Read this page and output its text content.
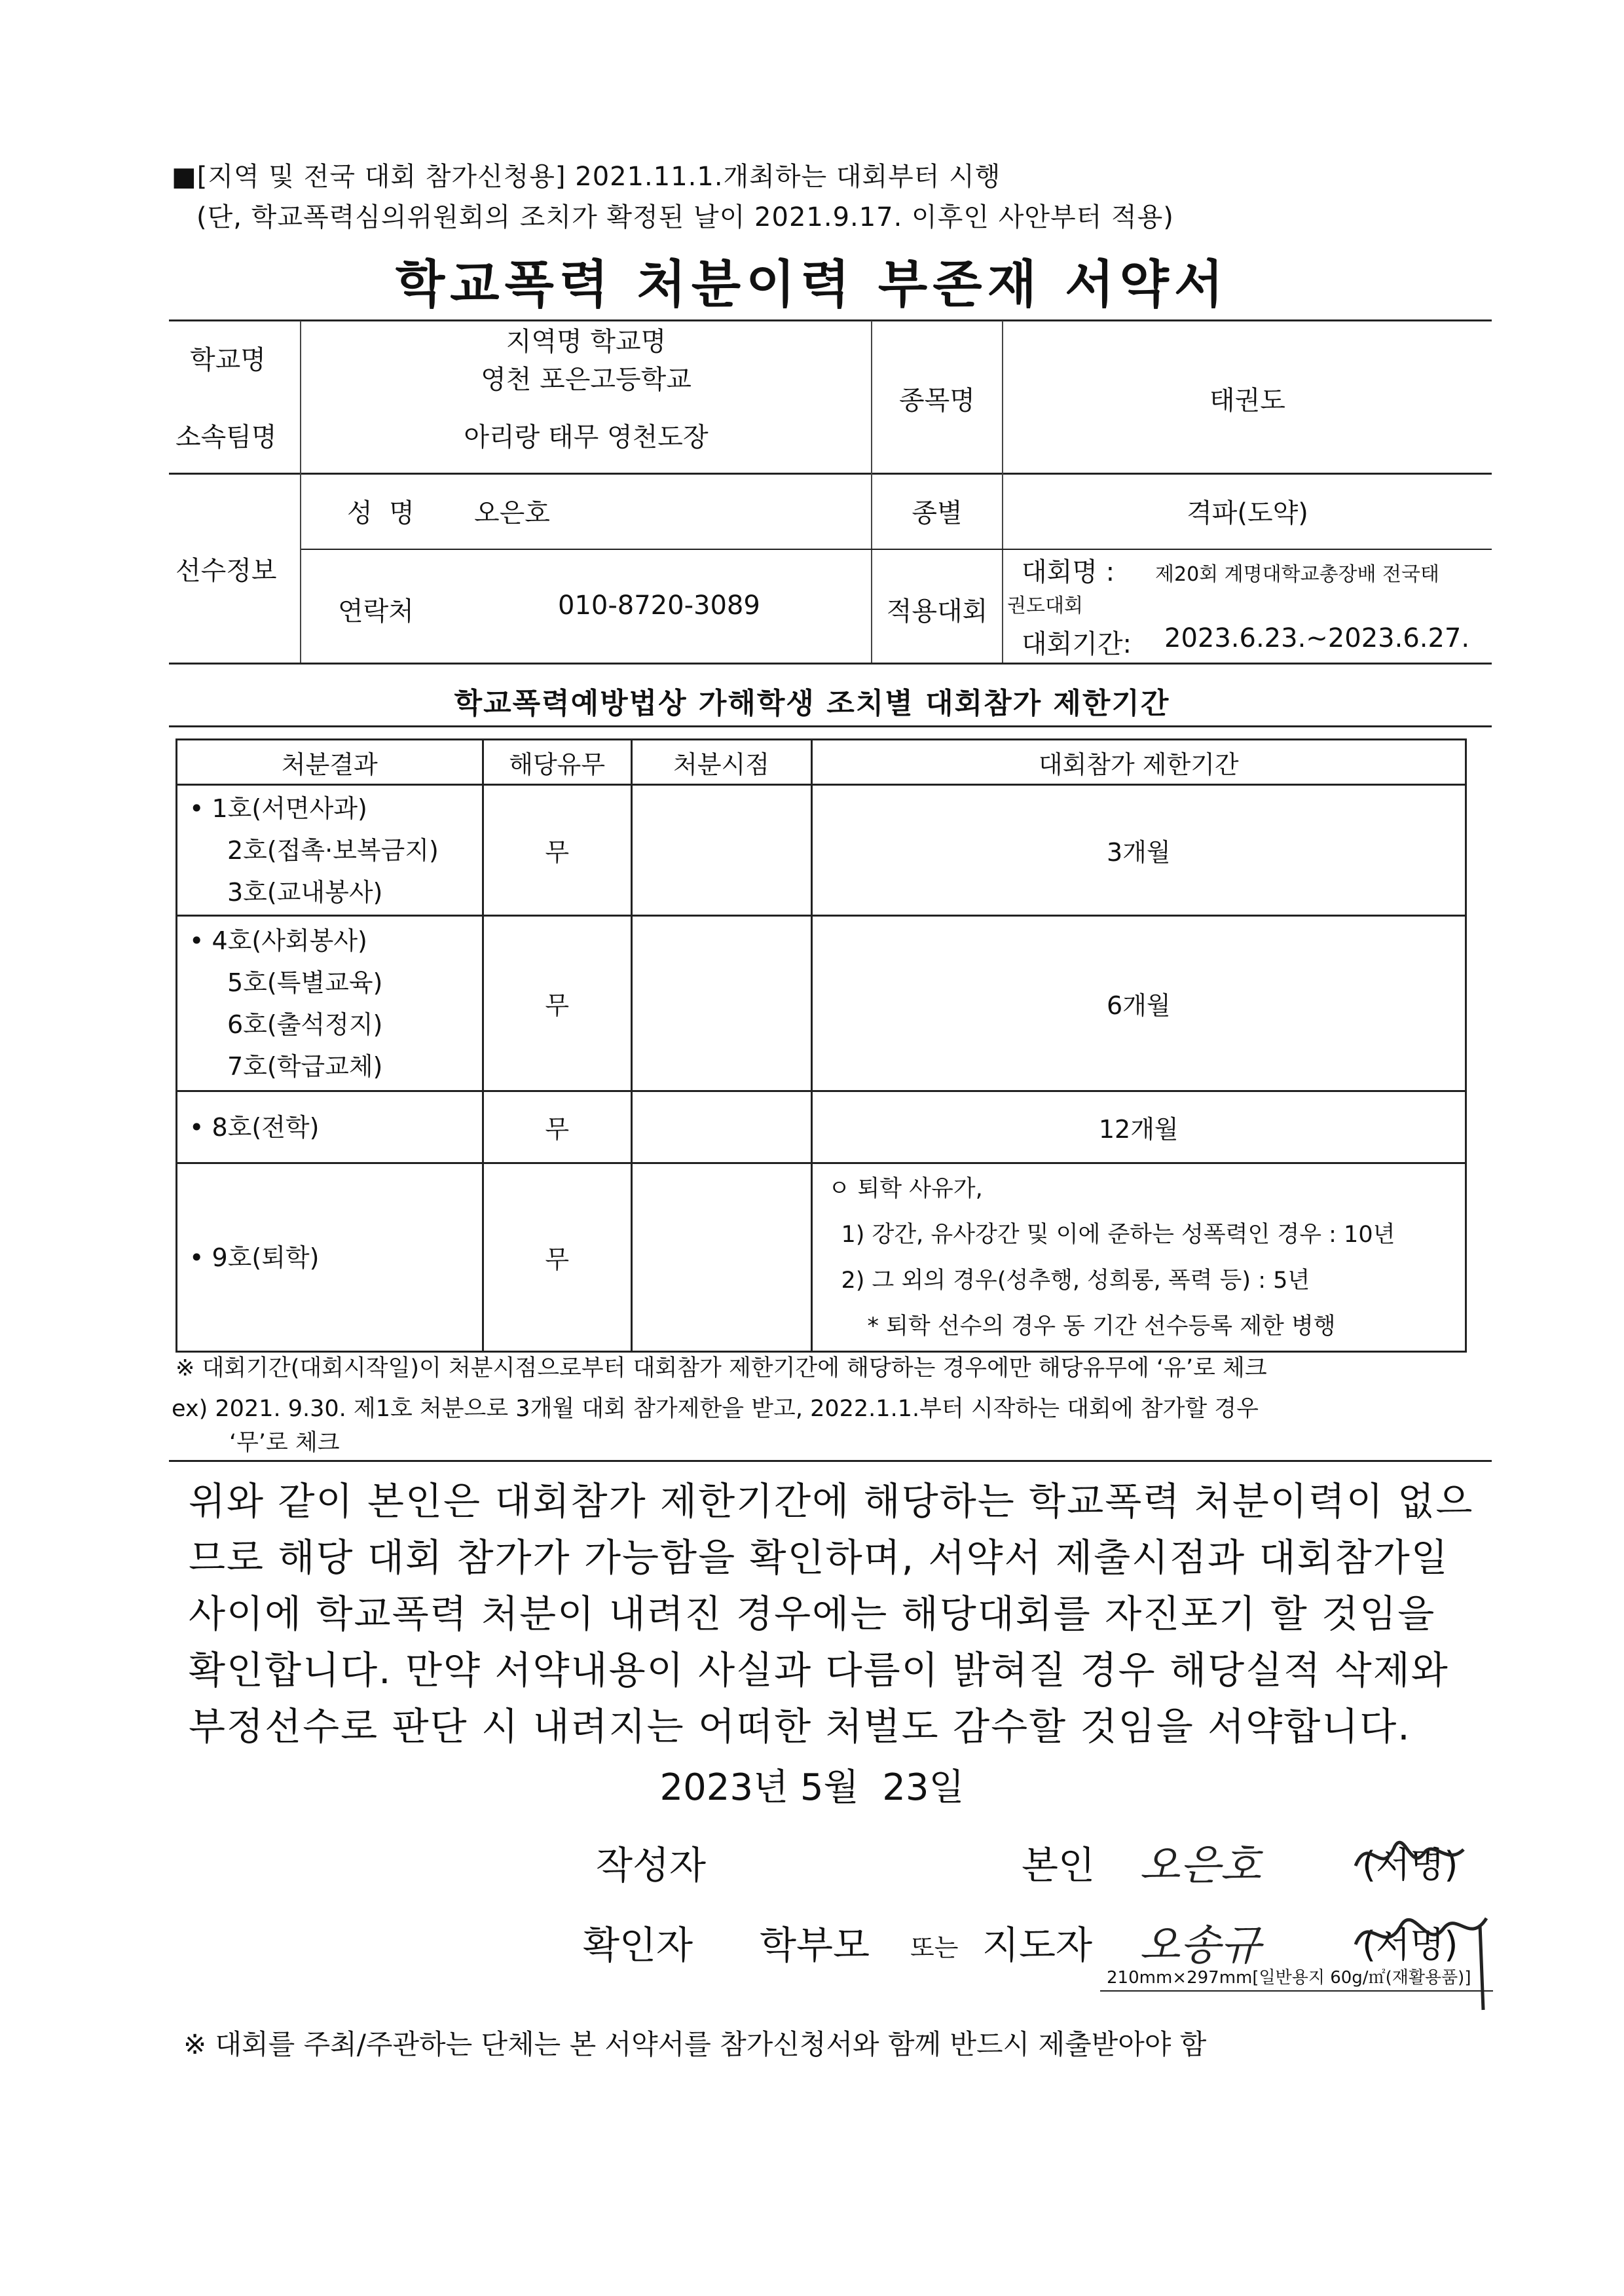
■[지역 및 전국 대회 참가신청용] 2021.11.1.개최하는 대회부터 시행
(단, 학교폭력심의위원회의 조치가 확정된 날이 2021.9.17. 이후인 사안부터 적용)
학교폭력 처분이력 부존재 서약서
학교명
지역명 학교명
영천 포은고등학교
소속팀명	아리랑 태무 영천도장
종목명	태권도
선수정보
성  명 오은호	종별	격파(도약)
연락처	010-8720-3089	적용대회
대회명 : 제20회 계명대학교총장배 전국태
권도대회
대회기간: 2023.6.23.~2023.6.27.
학교폭력예방법상 가해학생 조치별 대회참가 제한기간
처분결과	해당유무	처분시점	대회참가 제한기간

• 1호(서면사과)
2호(접촉·보복금지)
3호(교내봉사)	무		3개월

• 4호(사회봉사)
5호(특별교육)
6호(출석정지)
7호(학급교체)	무		6개월

• 8호(전학)	무		12개월

• 9호(퇴학)	무		ㅇ 퇴학 사유가,
1) 강간, 유사강간 및 이에 준하는 성폭력인 경우 : 10년
2) 그 외의 경우(성추행, 성희롱, 폭력 등) : 5년
* 퇴학 선수의 경우 동 기간 선수등록 제한 병행
※ 대회기간(대회시작일)이 처분시점으로부터 대회참가 제한기간에 해당하는 경우에만 해당유무에 ‘유’로 체크
ex) 2021. 9.30. 제1호 처분으로 3개월 대회 참가제한을 받고, 2022.1.1.부터 시작하는 대회에 참가할 경우
‘무’로 체크
위와 같이 본인은 대회참가 제한기간에 해당하는 학교폭력 처분이력이 없으
므로 해당 대회 참가가 가능함을 확인하며, 서약서 제출시점과 대회참가일
사이에 학교폭력 처분이 내려진 경우에는 해당대회를 자진포기 할 것임을
확인합니다. 만약 서약내용이 사실과 다름이 밝혀질 경우 해당실적 삭제와
부정선수로 판단 시 내려지는 어떠한 처벌도 감수할 것임을 서약합니다.
2023년 5월  23일
작성자	본인 오은호	(서명)
확인자 학부모 또는 지도자 오송규	(서명)
210mm×297mm[일반용지 60g/㎡(재활용품)]
※ 대회를 주최/주관하는 단체는 본 서약서를 참가신청서와 함께 반드시 제출받아야 함
